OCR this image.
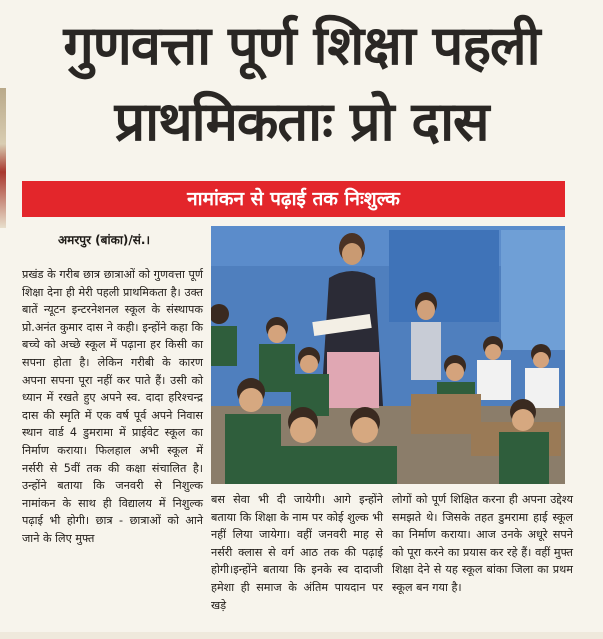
गुणवत्ता पूर्ण शिक्षा पहली
प्राथमिकताः प्रो दास
नामांकन से पढ़ाई तक निःशुल्क
अमरपुर (बांका)/सं.।

प्रखंड के गरीब छात्र छात्राओं को गुणवत्ता पूर्ण शिक्षा देना ही मेरी पहली प्राथमिकता है। उक्त बातें न्यूटन इन्टरनेशनल स्कूल के संस्थापक प्रो.अनंत कुमार दास ने कही। इन्होंने कहा कि बच्चे को अच्छे स्कूल में पढ़ाना हर किसी का सपना होता है। लेकिन गरीबी के कारण अपना सपना पूरा नहीं कर पाते हैं। उसी को ध्यान में रखते हुए अपने स्व. दादा हरिश्चन्द्र दास की स्मृति में एक वर्ष पूर्व अपने निवास स्थान वार्ड 4 डुमरामा में प्राईवेट स्कूल का निर्माण कराया। फिलहाल अभी स्कूल में नर्सरी से 5वीं तक की कक्षा संचालित है। उन्होंने बताया कि जनवरी से निशुल्क नामांकन के साथ ही विद्यालय में निशुल्क पढ़ाई भी होगी। छात्र - छात्राओं को आने जाने के लिए मुफ्त

बस सेवा भी दी जायेगी। आगे इन्होंने बताया कि शिक्षा के नाम पर कोई शुल्क भी नहीं लिया जायेगा। वहीं जनवरी माह से नर्सरी क्लास से वर्ग आठ तक की पढ़ाई होगी।इन्होंने बताया कि इनके स्व दादाजी हमेशा ही समाज के अंतिम पायदान पर खड़े

लोगों को पूर्ण शिक्षित करना ही अपना उद्देश्य समझते थे। जिसके तहत डुमरामा हाई स्कूल का निर्माण कराया। आज उनके अधूरे सपने को पूरा करने का प्रयास कर रहे हैं। वहीं मुफ्त शिक्षा देने से यह स्कूल बांका जिला का प्रथम स्कूल बन गया है।
